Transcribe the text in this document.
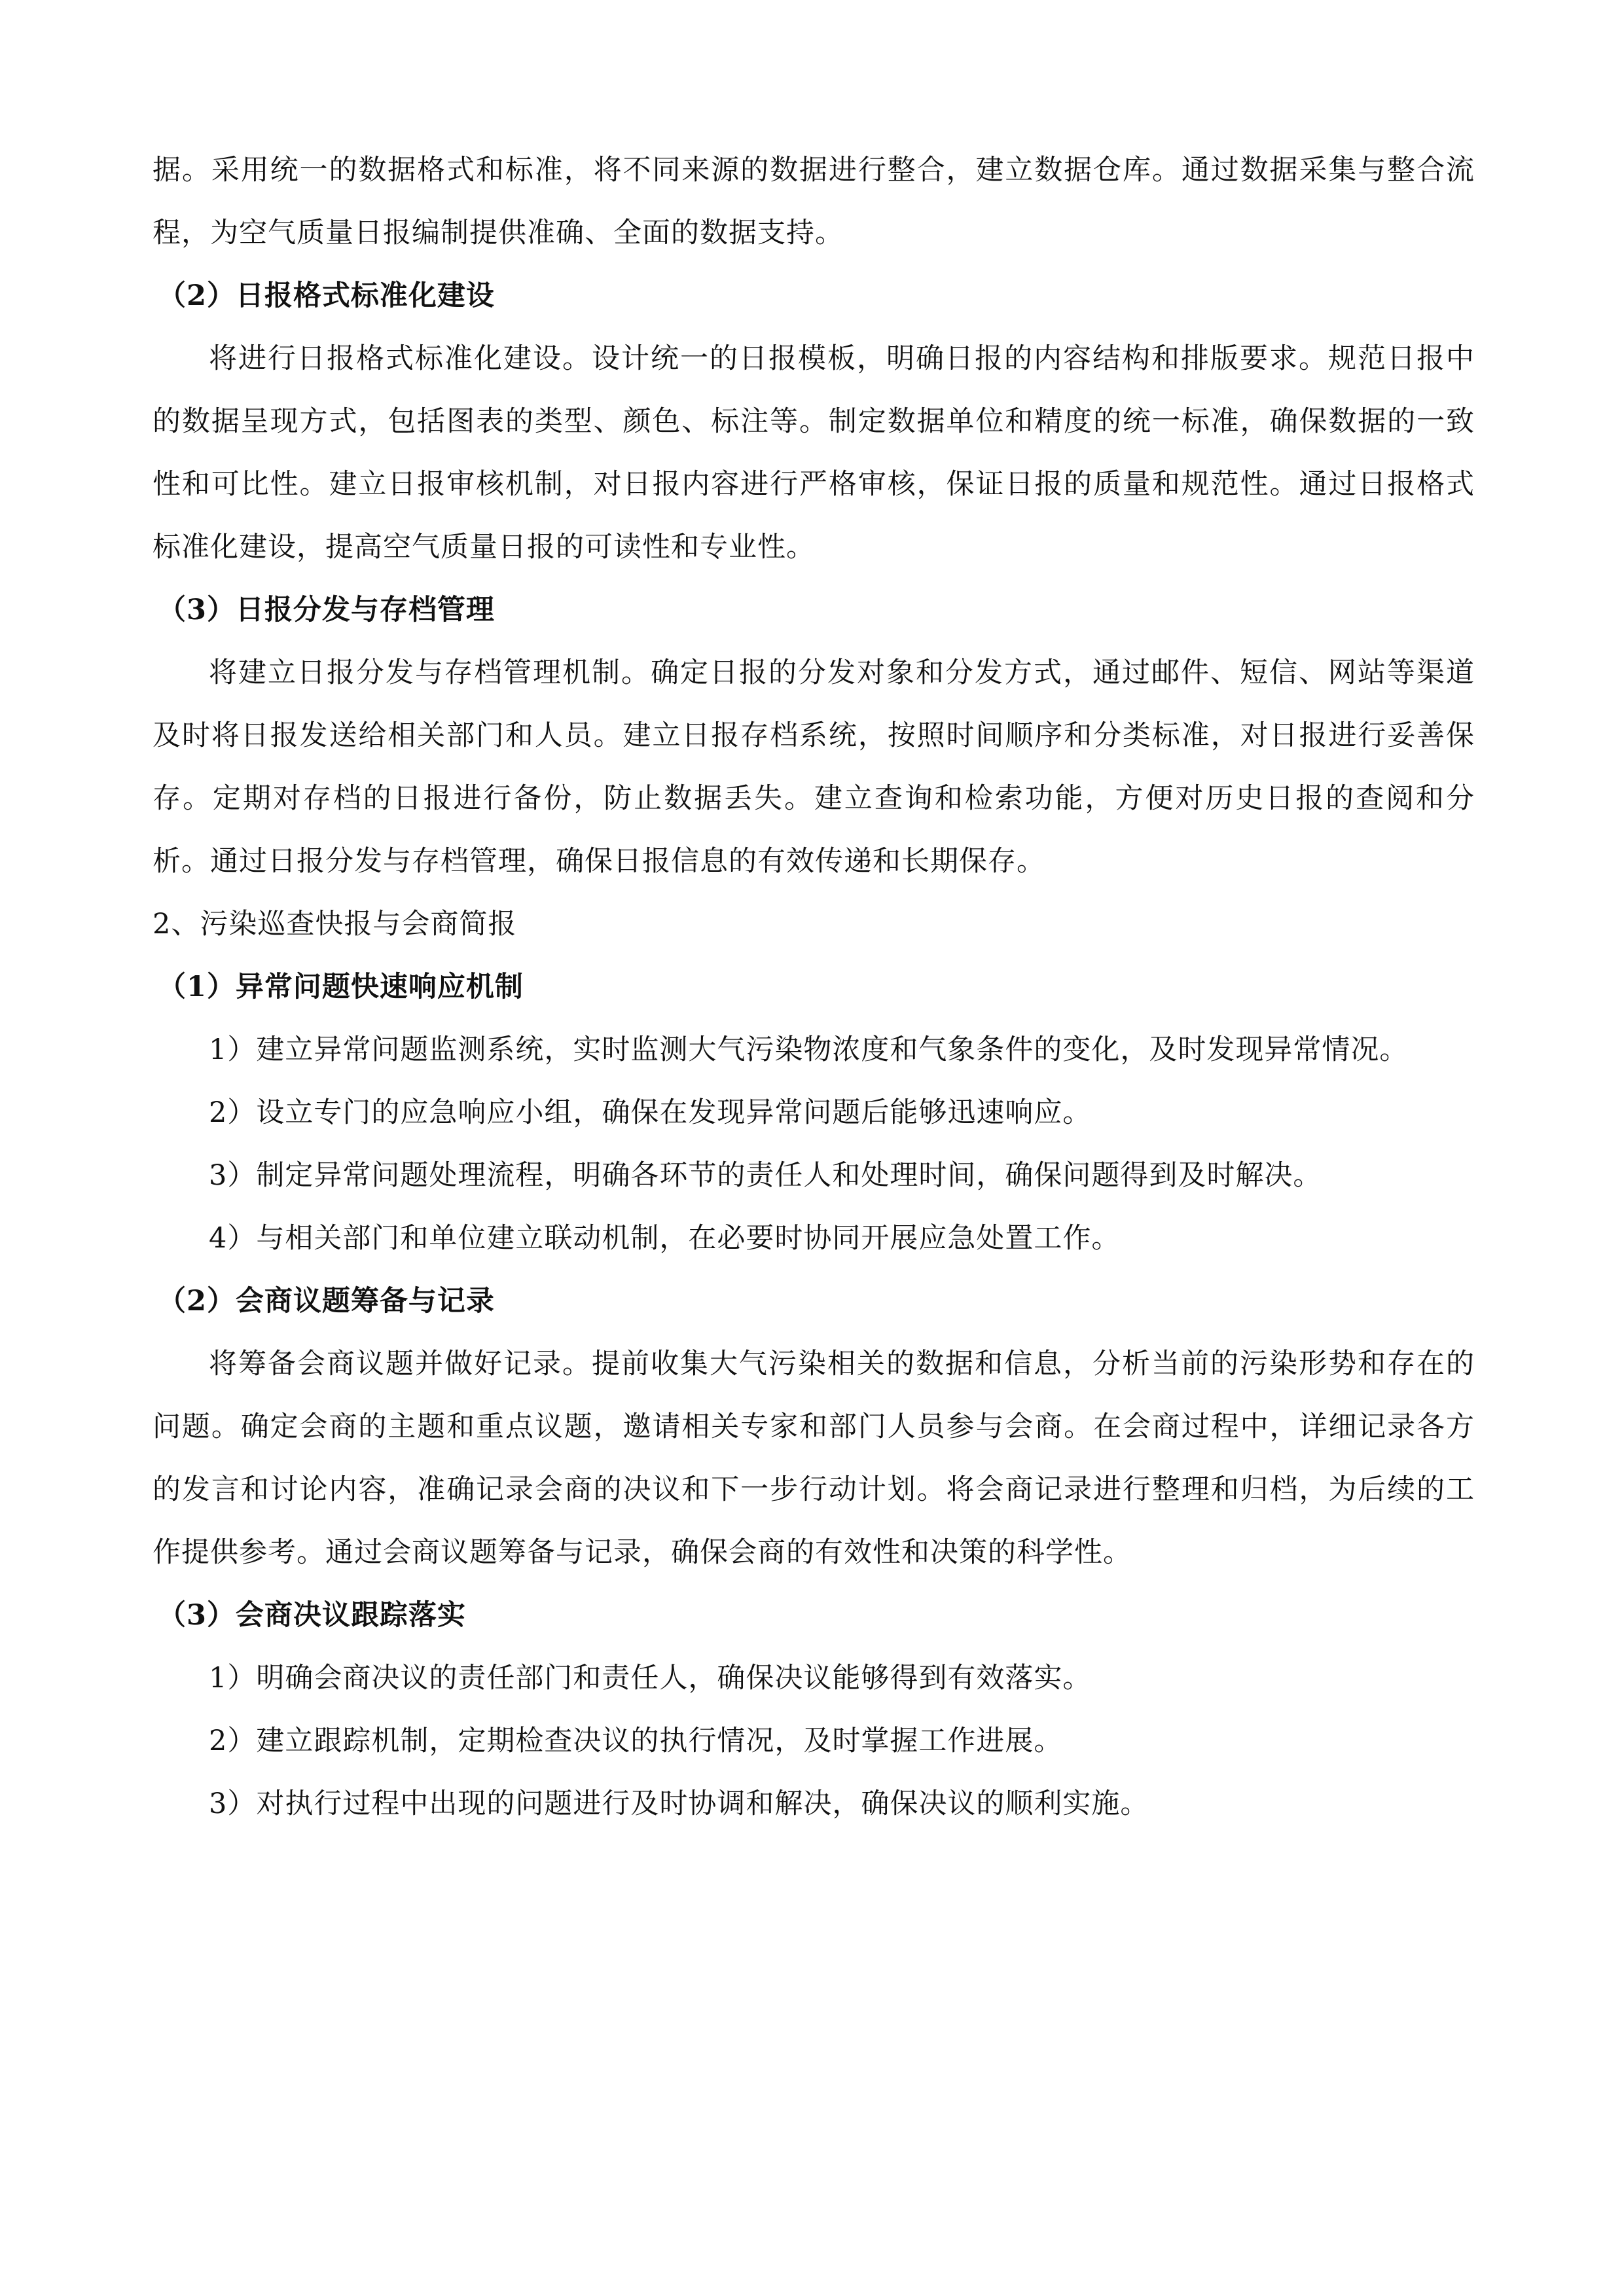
据。采用统一的数据格式和标准，将不同来源的数据进行整合，建立数据仓库。通过数据采集与整合流程，为空气质量日报编制提供准确、全面的数据支持。

（2）日报格式标准化建设

将进行日报格式标准化建设。设计统一的日报模板，明确日报的内容结构和排版要求。规范日报中的数据呈现方式，包括图表的类型、颜色、标注等。制定数据单位和精度的统一标准，确保数据的一致性和可比性。建立日报审核机制，对日报内容进行严格审核，保证日报的质量和规范性。通过日报格式标准化建设，提高空气质量日报的可读性和专业性。

（3）日报分发与存档管理

将建立日报分发与存档管理机制。确定日报的分发对象和分发方式，通过邮件、短信、网站等渠道及时将日报发送给相关部门和人员。建立日报存档系统，按照时间顺序和分类标准，对日报进行妥善保存。定期对存档的日报进行备份，防止数据丢失。建立查询和检索功能，方便对历史日报的查阅和分析。通过日报分发与存档管理，确保日报信息的有效传递和长期保存。

2、污染巡查快报与会商简报

（1）异常问题快速响应机制

1）建立异常问题监测系统，实时监测大气污染物浓度和气象条件的变化，及时发现异常情况。

2）设立专门的应急响应小组，确保在发现异常问题后能够迅速响应。

3）制定异常问题处理流程，明确各环节的责任人和处理时间，确保问题得到及时解决。

4）与相关部门和单位建立联动机制，在必要时协同开展应急处置工作。

（2）会商议题筹备与记录

将筹备会商议题并做好记录。提前收集大气污染相关的数据和信息，分析当前的污染形势和存在的问题。确定会商的主题和重点议题，邀请相关专家和部门人员参与会商。在会商过程中，详细记录各方的发言和讨论内容，准确记录会商的决议和下一步行动计划。将会商记录进行整理和归档，为后续的工作提供参考。通过会商议题筹备与记录，确保会商的有效性和决策的科学性。

（3）会商决议跟踪落实

1）明确会商决议的责任部门和责任人，确保决议能够得到有效落实。

2）建立跟踪机制，定期检查决议的执行情况，及时掌握工作进展。

3）对执行过程中出现的问题进行及时协调和解决，确保决议的顺利实施。
